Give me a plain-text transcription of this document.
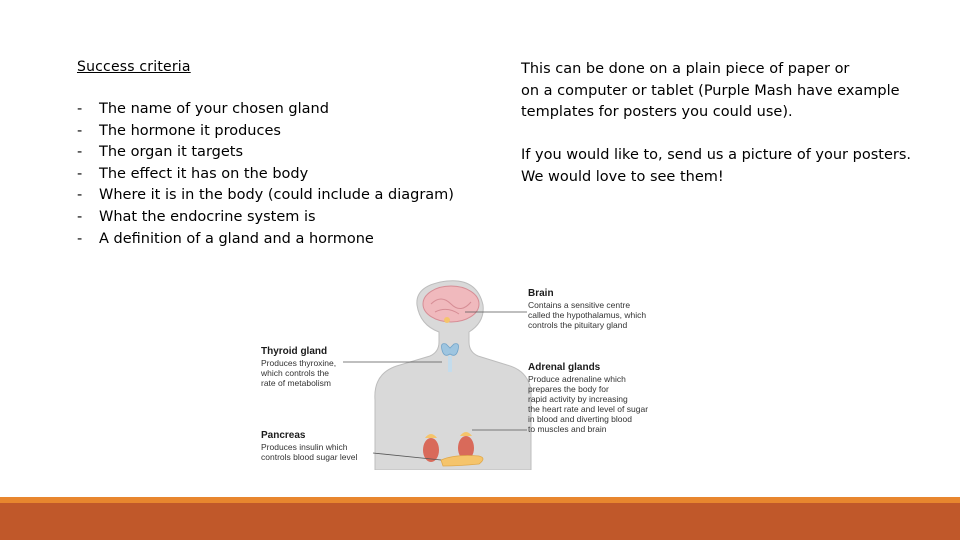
Success criteria
- The name of your chosen gland
- The hormone it produces
- The organ it targets
- The effect it has on the body
- Where it is in the body (could include a diagram)
- What the endocrine system is
- A definition of a gland and a hormone

This can be done on a plain piece of paper or
on a computer or tablet (Purple Mash have example
templates for posters you could use).

If you would like to, send us a picture of your posters.
We would love to see them!

Brain
Contains a sensitive centre
called the hypothalamus, which
controls the pituitary gland
Thyroid gland
Produces thyroxine,
which controls the
rate of metabolism
Adrenal glands
Produce adrenaline which
prepares the body for
rapid activity by increasing
the heart rate and level of sugar
in blood and diverting blood
to muscles and brain
Pancreas
Produces insulin which
controls blood sugar level
